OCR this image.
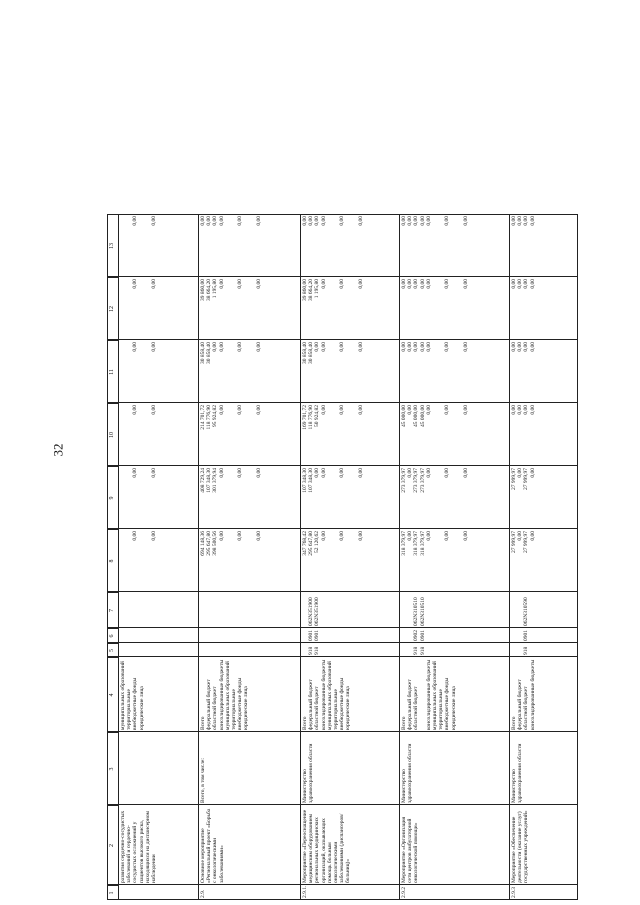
32
1
2
3
4
5
6
7
8
9
10
11
12
13
развития сердечно-сосудистых заболеваний и сердечно-сосудистых осложнений у пациентов высокого риска, находящихся на диспансерном наблюдении
муниципальных образований
территориальные внебюджетные фонды
юридические лица

0,00

0,00

0,00

0,00

0,00

0,00

0,00

0,00

0,00

0,00

0,00

0,00
2.9.
Основное мероприятие «Региональный проект «Борьба с онкологическими заболеваниями»
Всего, в том числе:
Всего
федеральный бюджет
областной бюджет
консолидированные бюджеты муниципальных образований
территориальные внебюджетные фонды
юридические лица
694 148,36
295 647,80
398 500,56
0,00

0,00

0,00
408 729,24
107 348,30
301 379,94
0,00

0,00

0,00
214 701,72
118 776,90
95 924,82
0,00

0,00

0,00
30 858,40
30 858,40
0,00
0,00

0,00

0,00
39 860,00
38 664,20
1 195,80
0,00

0,00

0,00
0,00
0,00
0,00
0,00

0,00

0,00
2.9.1.
Мероприятие «Переоснащение медицинским оборудованием региональных медицинских организаций, оказывающих помощь больным онкологическими заболеваниями (диспансеров/больниц)»
Министерство здравоохранения области
Всего
федеральный бюджет
областной бюджет
консолидированные бюджеты муниципальных образований
территориальные внебюджетные фонды
юридические лица

918
918

0901
0901

062N351900
062N351900
347 768,42
295 647,80
52 120,62
0,00

0,00

0,00
107 348,30
107 348,30
0,00
0,00

0,00

0,00
169 701,72
118 776,90
50 924,82
0,00

0,00

0,00
30 858,40
30 858,40
0,00
0,00

0,00

0,00
39 860,00
38 664,20
1 195,80
0,00

0,00

0,00
0,00
0,00
0,00
0,00

0,00

0,00
2.9.2
Мероприятие «Организация сети центров амбулаторной онкологической помощи»
Министерство здравоохранения области
Всего
федеральный бюджет
областной бюджет

консолидированные бюджеты муниципальных образований
территориальные внебюджетные фонды
юридические лица

918
918

0902
0901

062N310510
062N310510
318 379,97
0,00
318 379,97
318 379,97
0,00

0,00

0,00
273 379,97
0,00
273 379,97
273 379,97
0,00

0,00

0,00
45 000,00
0,00
45 000,00
45 000,00
0,00

0,00

0,00
0,00
0,00
0,00
0,00
0,00

0,00

0,00
0,00
0,00
0,00
0,00
0,00

0,00

0,00
0,00
0,00
0,00
0,00
0,00

0,00

0,00
2.9.3
Мероприятие «Обеспечение деятельности (оказание услуг) государственных учреждений»
Министерство здравоохранения области
Всего
федеральный бюджет
областной бюджет
консолидированные бюджеты

918

0901

062N310590
27 999,97
0,00
27 999,97
0,00
27 999,97
0,00
27 999,97
0,00
0,00
0,00
0,00
0,00
0,00
0,00
0,00
0,00
0,00
0,00
0,00
0,00
0,00
0,00
0,00
0,00
